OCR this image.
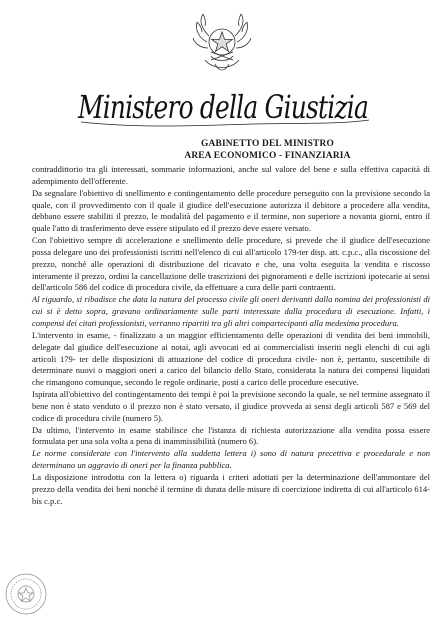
Ministero della Giustizia
GABINETTO DEL MINISTRO
AREA ECONOMICO - FINANZIARIA

contraddittorio tra gli interessati, sommarie informazioni, anche sul valore del bene e sulla effettiva capacità di adempimento dell'offerente.

Da segnalare l'obiettivo di snellimento e contingentamento delle procedure perseguito con la previsione secondo la quale, con il provvedimento con il quale il giudice dell'esecuzione autorizza il debitore a procedere alla vendita, debbano essere stabiliti il prezzo, le modalità del pagamento e il termine, non superiore a novanta giorni, entro il quale l'atto di trasferimento deve essere stipulato ed il prezzo deve essere versato.

Con l'obiettivo sempre di accelerazione e snellimento delle procedure, si prevede che il giudice dell'esecuzione possa delegare uno dei professionisti iscritti nell'elenco di cui all'articolo 179-ter disp. att. c.p.c., alla riscossione del prezzo, nonché alle operazioni di distribuzione del ricavato e che, una volta eseguita la vendita e riscosso interamente il prezzo, ordini la cancellazione delle trascrizioni dei pignoramenti e delle iscrizioni ipotecarie ai sensi dell'articolo 586 del codice di procedura civile, da effettuare a cura delle parti contraenti.

Al riguardo, si ribadisce che data la natura del processo civile gli oneri derivanti dalla nomina dei professionisti di cui si è detto sopra, gravano ordinariamente sulle parti interessate dalla procedura di esecuzione. Infatti, i compensi dei citati professionisti, verranno ripartiti tra gli altri compartecipanti alla medesima procedura.

L'intervento in esame, - finalizzato a un maggior efficientamento delle operazioni di vendita dei beni immobili, delegate dal giudice dell'esecuzione ai notai, agli avvocati ed ai commercialisti inseriti negli elenchi di cui agli articoli 179- ter delle disposizioni di attuazione del codice di procedura civile- non è, pertanto, suscettibile di determinare nuovi o maggiori oneri a carico del bilancio dello Stato, considerata la natura dei compensi liquidati che rimangono comunque, secondo le regole ordinarie, posti a carico delle procedure esecutive.

Ispirata all'obiettivo del contingentamento dei tempi è poi la previsione secondo la quale, se nel termine assegnato il bene non è stato venduto o il prezzo non è stato versato, il giudice provveda ai sensi degli articoli 587 e 569 del codice di procedura civile (numero 5).

Da ultimo, l'intervento in esame stabilisce che l'istanza di richiesta autorizzazione alla vendita possa essere formulata per una sola volta a pena di inammissibilità (numero 6).

Le norme considerate con l'intervento alla suddetta lettera i) sono di natura precettiva e procedurale e non determinano un aggravio di oneri per la finanza pubblica.

La disposizione introdotta con la lettera o) riguarda i criteri adottati per la determinazione dell'ammontare del prezzo della vendita dei beni nonché il termine di durata delle misure di coercizione indiretta di cui all'articolo 614-bis c.p.c.
